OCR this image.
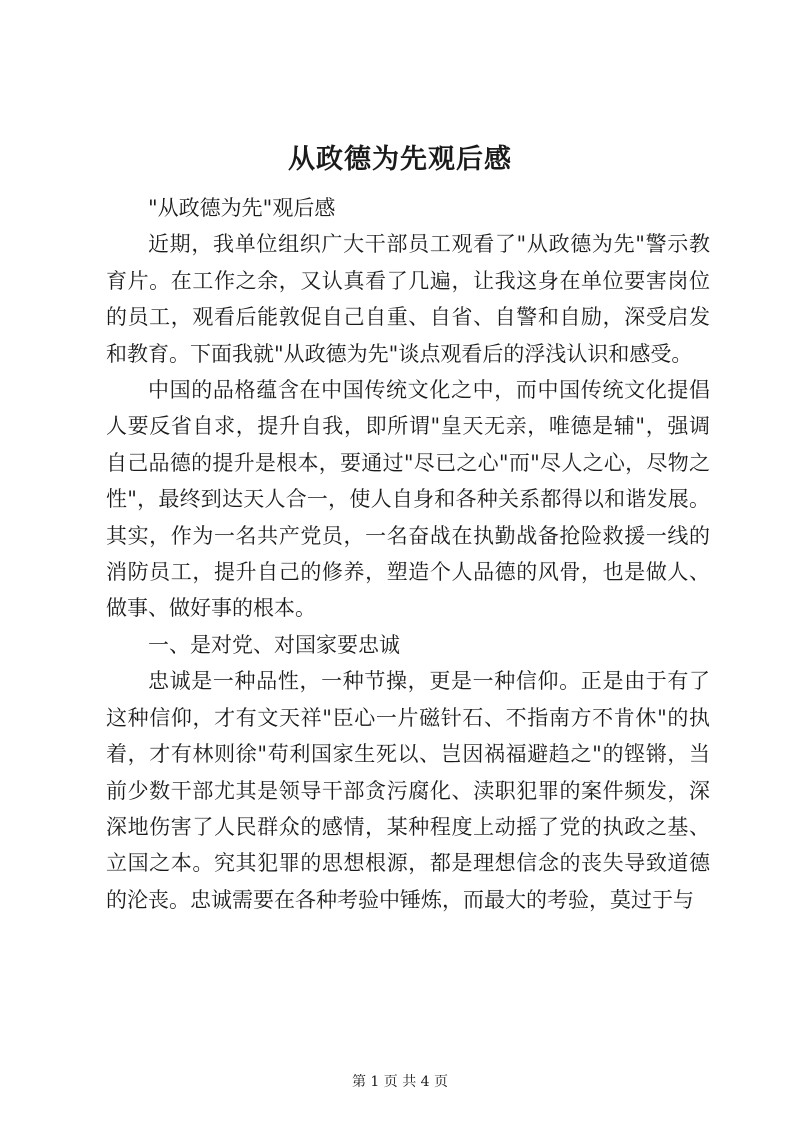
从政德为先观后感

"从政德为先"观后感

近期，我单位组织广大干部员工观看了"从政德为先"警示教育片。在工作之余，又认真看了几遍，让我这身在单位要害岗位的员工，观看后能敦促自己自重、自省、自警和自励，深受启发和教育。下面我就"从政德为先"谈点观看后的浮浅认识和感受。

中国的品格蕴含在中国传统文化之中，而中国传统文化提倡人要反省自求，提升自我，即所谓"皇天无亲，唯德是辅"，强调自己品德的提升是根本，要通过"尽已之心"而"尽人之心，尽物之性"，最终到达天人合一，使人自身和各种关系都得以和谐发展。其实，作为一名共产党员，一名奋战在执勤战备抢险救援一线的消防员工，提升自己的修养，塑造个人品德的风骨，也是做人、做事、做好事的根本。

一、是对党、对国家要忠诚

忠诚是一种品性，一种节操，更是一种信仰。正是由于有了这种信仰，才有文天祥"臣心一片磁针石、不指南方不肯休"的执着，才有林则徐"苟利国家生死以、岂因祸福避趋之"的铿锵，当前少数干部尤其是领导干部贪污腐化、渎职犯罪的案件频发，深深地伤害了人民群众的感情，某种程度上动摇了党的执政之基、立国之本。究其犯罪的思想根源，都是理想信念的丧失导致道德的沦丧。忠诚需要在各种考验中锤炼，而最大的考验，莫过于与

第 1 页 共 4 页
